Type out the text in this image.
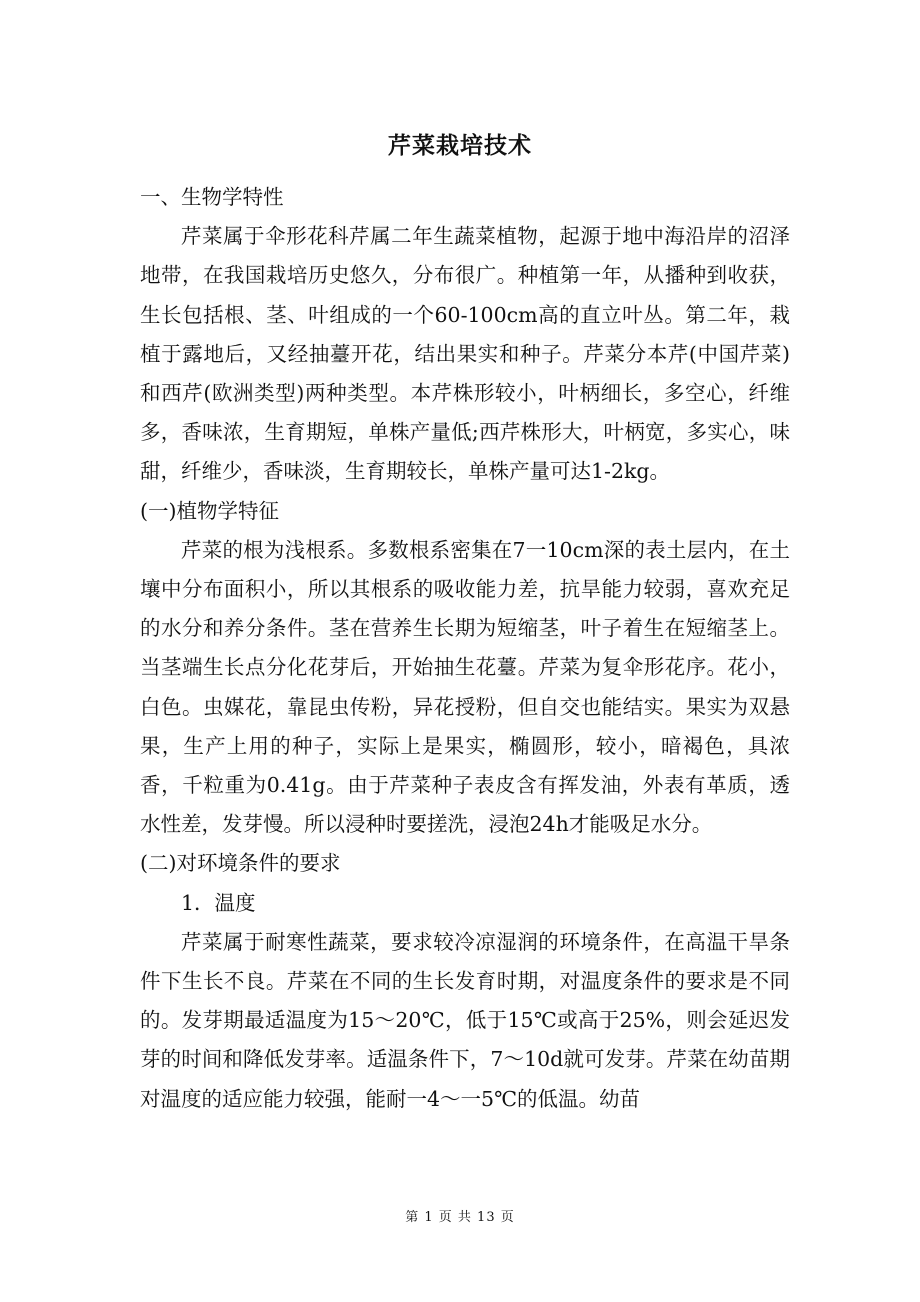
芹菜栽培技术

一、生物学特性

芹菜属于伞形花科芹属二年生蔬菜植物，起源于地中海沿岸的沼泽地带，在我国栽培历史悠久，分布很广。种植第一年，从播种到收获，生长包括根、茎、叶组成的一个60-100cm高的直立叶丛。第二年，栽植于露地后，又经抽薹开花，结出果实和种子。芹菜分本芹(中国芹菜)和西芹(欧洲类型)两种类型。本芹株形较小，叶柄细长，多空心，纤维多，香味浓，生育期短，单株产量低;西芹株形大，叶柄宽，多实心，味甜，纤维少，香味淡，生育期较长，单株产量可达1-2kg。

(一)植物学特征

芹菜的根为浅根系。多数根系密集在7一10cm深的表土层内，在土壤中分布面积小，所以其根系的吸收能力差，抗旱能力较弱，喜欢充足的水分和养分条件。茎在营养生长期为短缩茎，叶子着生在短缩茎上。当茎端生长点分化花芽后，开始抽生花薹。芹菜为复伞形花序。花小，白色。虫媒花，靠昆虫传粉，异花授粉，但自交也能结实。果实为双悬果，生产上用的种子，实际上是果实，椭圆形，较小，暗褐色，具浓香，千粒重为0.41g。由于芹菜种子表皮含有挥发油，外表有革质，透水性差，发芽慢。所以浸种时要搓洗，浸泡24h才能吸足水分。

(二)对环境条件的要求

1．温度

芹菜属于耐寒性蔬菜，要求较冷凉湿润的环境条件，在高温干旱条件下生长不良。芹菜在不同的生长发育时期，对温度条件的要求是不同的。发芽期最适温度为15～20℃，低于15℃或高于25%，则会延迟发芽的时间和降低发芽率。适温条件下，7～10d就可发芽。芹菜在幼苗期对温度的适应能力较强，能耐一4～一5℃的低温。幼苗

第 1 页 共 13 页
